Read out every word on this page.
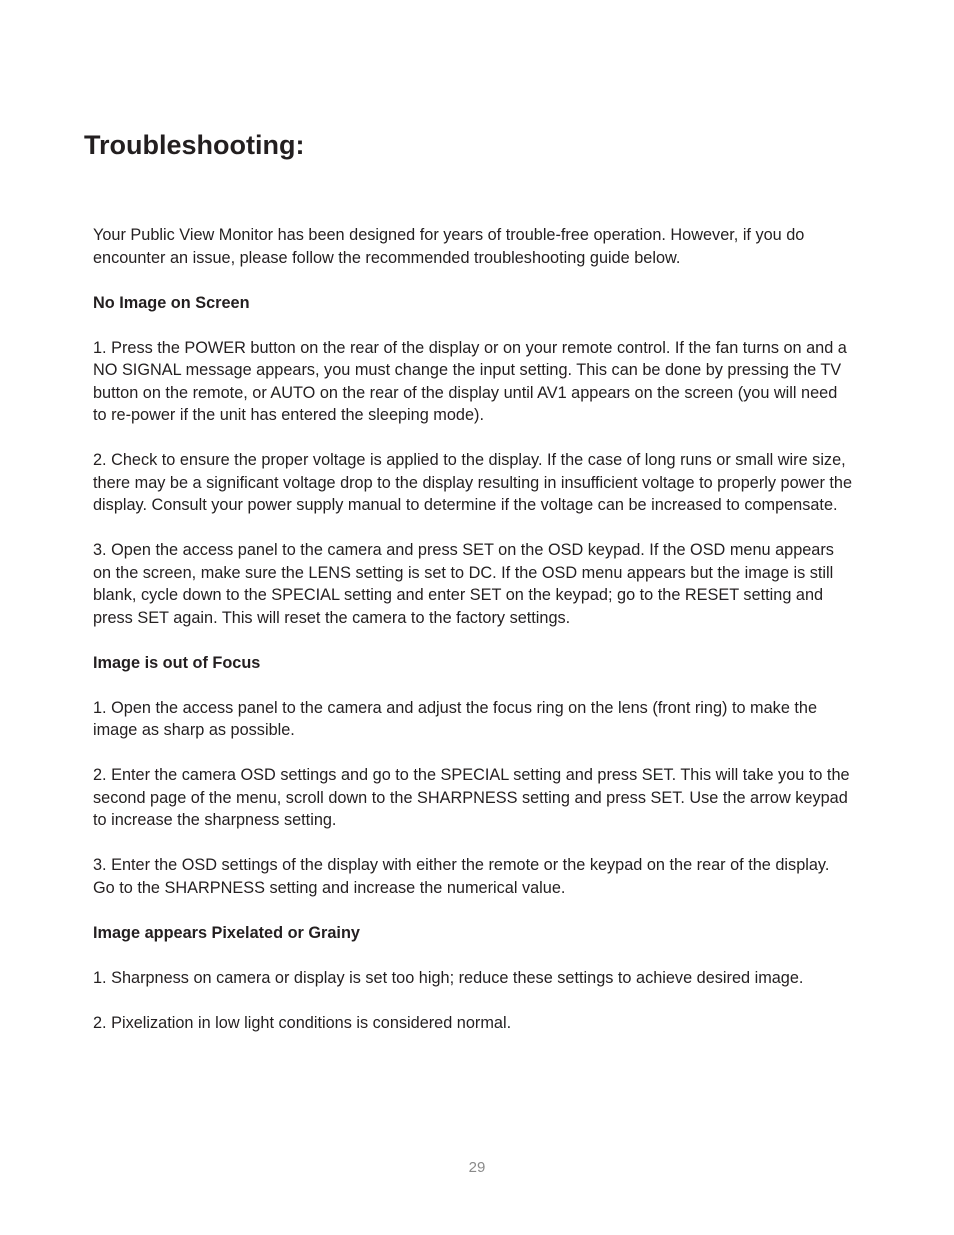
Troubleshooting:

Your Public View Monitor has been designed for years of trouble-free operation. However, if you do encounter an issue, please follow the recommended troubleshooting guide below.

No Image on Screen

1. Press the POWER button on the rear of the display or on your remote control. If the fan turns on and a NO SIGNAL message appears, you must change the input setting. This can be done by pressing the TV button on the remote, or AUTO on the rear of the display until AV1 appears on the screen (you will need to re-power if the unit has entered the sleeping mode).

2. Check to ensure the proper voltage is applied to the display. If the case of long runs or small wire size, there may be a significant voltage drop to the display resulting in insufficient voltage to properly power the display. Consult your power supply manual to determine if the voltage can be increased to compensate.

3. Open the access panel to the camera and press SET on the OSD keypad. If the OSD menu appears on the screen, make sure the LENS setting is set to DC. If the OSD menu appears but the image is still blank, cycle down to the SPECIAL setting and enter SET on the keypad; go to the RESET setting and press SET again. This will reset the camera to the factory settings.

Image is out of Focus

1. Open the access panel to the camera and adjust the focus ring on the lens (front ring) to make the image as sharp as possible.

2. Enter the camera OSD settings and go to the SPECIAL setting and press SET. This will take you to the second page of the menu, scroll down to the SHARPNESS setting and press SET. Use the arrow keypad to increase the sharpness setting.

3. Enter the OSD settings of the display with either the remote or the keypad on the rear of the display. Go to the SHARPNESS setting and increase the numerical value.

Image appears Pixelated or Grainy

1. Sharpness on camera or display is set too high; reduce these settings to achieve desired image.

2. Pixelization in low light conditions is considered normal.

29
